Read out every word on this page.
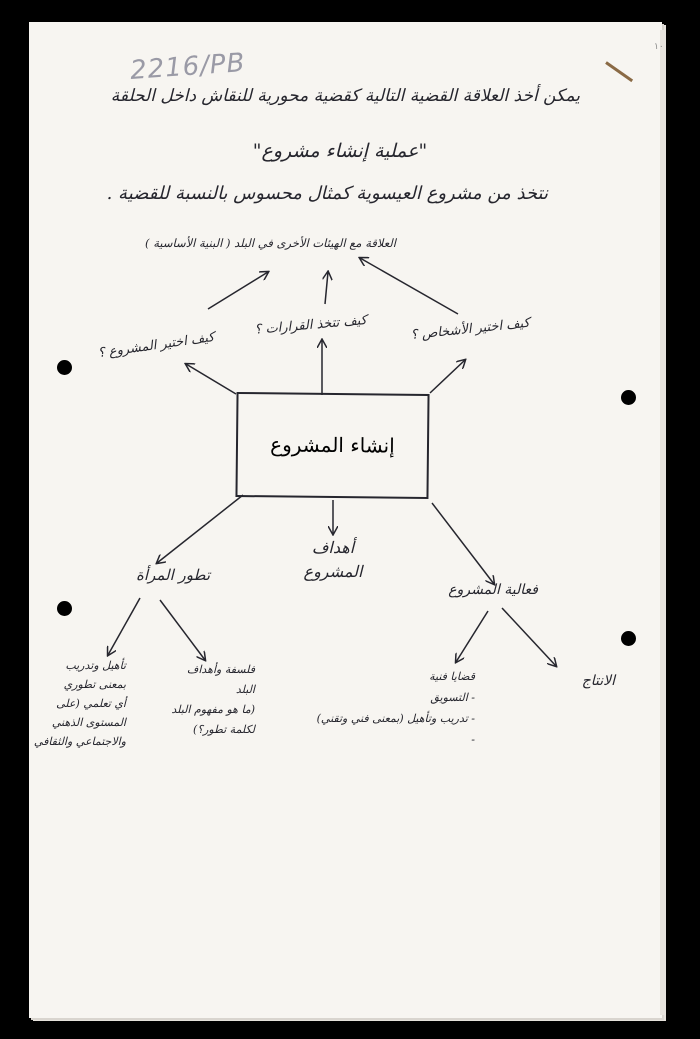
١٠
2216/PB
يمكن أخذ العلاقة القضية التالية كقضية محورية للنقاش داخل الحلقة
"عملية إنشاء مشروع"
نتخذ من مشروع العيسوية كمثال محسوس بالنسبة للقضية .
العلاقة مع الهيئات الأخرى في البلد ( البنية الأساسية )
كيف اختير المشروع ؟
كيف تتخذ القرارات ؟	كيف اختير الأشخاص ؟
إنشاء المشروع
أهداف
المشروع
تطور المرأة
فعالية المشروع
تأهيل وتدريب
بمعنى تطوري
أي تعلمي (على
المستوى الذهني
والاجتماعي والثقافي
فلسفة وأهداف
البلد
(ما هو مفهوم البلد
لكلمة تطور؟)
قضايا فنية
- التسويق
- تدريب وتأهيل (بمعنى فني وتقني)
-
الانتاج
